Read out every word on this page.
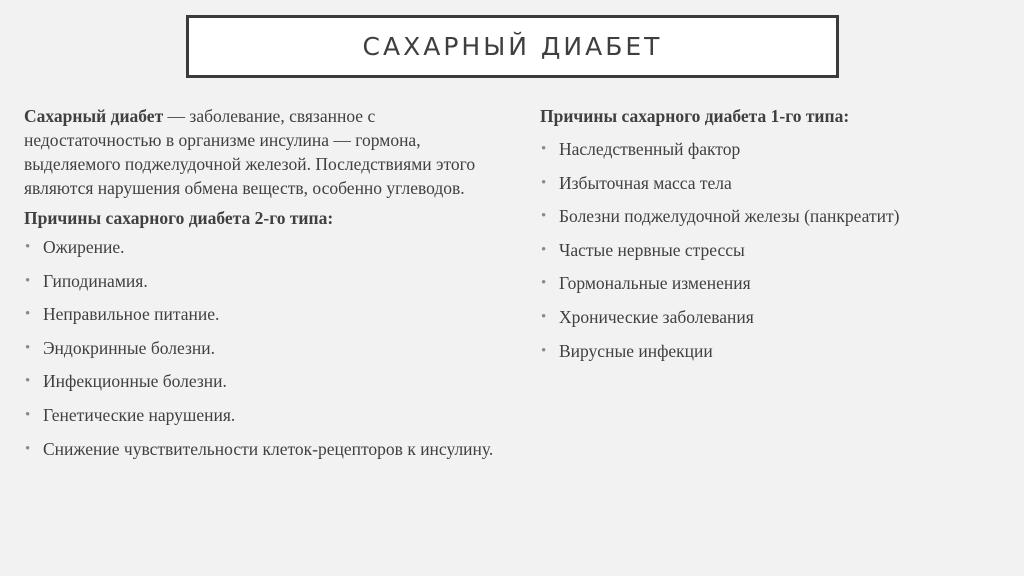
САХАРНЫЙ ДИАБЕТ

Сахарный диабет — заболевание, связанное с недостаточностью в организме инсулина — гормона, выделяемого поджелудочной железой. Последствиями этого являются нарушения обмена веществ, особенно углеводов.

Причины сахарного диабета 2-го типа:

• Ожирение.
• Гиподинамия.
• Неправильное питание.
• Эндокринные болезни.
• Инфекционные болезни.
• Генетические нарушения.
• Снижение чувствительности клеток-рецепторов к инсулину.

Причины сахарного диабета 1-го типа:

• Наследственный фактор
• Избыточная масса тела
• Болезни поджелудочной железы (панкреатит)
• Частые нервные стрессы
• Гормональные изменения
• Хронические заболевания
• Вирусные инфекции
